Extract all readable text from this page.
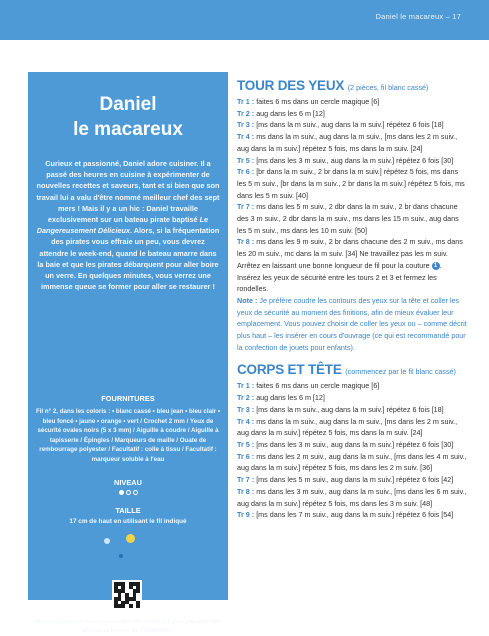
Daniel le macareux – 17
Daniel
le macareux
Curieux et passionné, Daniel adore cuisiner. Il a passé des heures en cuisine à expérimenter de nouvelles recettes et saveurs, tant et si bien que son travail lui a valu d'être nommé meilleur chef des sept mers ! Mais il y a un hic : Daniel travaille exclusivement sur un bateau pirate baptisé Le Dangereusement Délicieux. Alors, si la fréquentation des pirates vous effraie un peu, vous devrez attendre le week-end, quand le bateau amarre dans la baie et que les pirates débarquent pour aller boire un verre. En quelques minutes, vous verrez une immense queue se former pour aller se restaurer !
FOURNITURES
Fil n° 2, dans les coloris : • blanc cassé • bleu jean • bleu clair • bleu foncé • jaune • orange • vert / Crochet 2 mm / Yeux de sécurité ovales noirs (5 x 3 mm) / Aiguille à coudre / Aiguille à tapisserie / Épingles / Marqueurs de maille / Ouate de rembourrage polyester / Facultatif : colle à tissu / Facultatif : marqueur soluble à l'eau
NIVEAU
TAILLE
17 cm de haut en utilisant le fil indiqué
Scannez ou consultez www.amigurumi.com/5101 pour partager des photos et trouver de l'inspiration
TOUR DES YEUX (2 pièces, fil blanc cassé)

Tr 1 : faites 6 ms dans un cercle magique [6]

Tr 2 : aug dans les 6 m [12]

Tr 3 : [ms dans la m suiv., aug dans la m suiv.] répétez 6 fois [18]

Tr 4 : ms dans la m suiv., aug dans la m suiv., [ms dans les 2 m suiv., aug dans la m suiv.] répétez 5 fois, ms dans la m suiv. [24]

Tr 5 : [ms dans les 3 m suiv., aug dans la m suiv.] répétez 6 fois [30]

Tr 6 : [br dans la m suiv., 2 br dans la m suiv.] répétez 5 fois, ms dans les 5 m suiv., [br dans la m suiv., 2 br dans la m suiv.] répétez 5 fois, ms dans les 5 m suiv. [40]

Tr 7 : ms dans les 5 m suiv., 2 dbr dans la m suiv., 2 br dans chacune des 3 m suiv., 2 dbr dans la m suiv., ms dans les 15 m suiv., aug dans les 5 m suiv., ms dans les 10 m suiv. [50]

Tr 8 : ms dans les 9 m suiv., 2 br dans chacune des 2 m suiv., ms dans les 20 m suiv., mc dans la m suiv. [34] Ne travaillez pas les m suiv.

Arrêtez en laissant une bonne longueur de fil pour la couture 1 . Insérez les yeux de sécurité entre les tours 2 et 3 et fermez les rondelles.

Note : Je préfère coudre les contours des yeux sur la tête et coller les yeux de sécurité au moment des finitions, afin de mieux évaluer leur emplacement. Vous pouvez choisir de coller les yeux ou – comme décrit plus haut – les insérer en cours d'ouvrage (ce qui est recommandé pour la confection de jouets pour enfants).

CORPS ET TÊTE (commencez par le fil blanc cassé)

Tr 1 : faites 6 ms dans un cercle magique [6]

Tr 2 : aug dans les 6 m [12]

Tr 3 : [ms dans la m suiv., aug dans la m suiv.] répétez 6 fois [18]

Tr 4 : ms dans la m suiv., aug dans la m suiv., [ms dans les 2 m suiv., aug dans la m suiv.] répétez 5 fois, ms dans la m suiv. [24]

Tr 5 : [ms dans les 3 m suiv., aug dans la m suiv.] répétez 6 fois [30]

Tr 6 : ms dans les 2 m suiv., aug dans la m suiv., [ms dans les 4 m suiv., aug dans la m suiv.] répétez 5 fois, ms dans les 2 m suiv. [36]

Tr 7 : [ms dans les 5 m suiv., aug dans la m suiv.] répétez 6 fois [42]

Tr 8 : ms dans les 3 m suiv., aug dans la m suiv., [ms dans les 6 m suiv., aug dans la m suiv.] répétez 5 fois, ms dans les 3 m suiv. [48]

Tr 9 : [ms dans les 7 m suiv., aug dans la m suiv.] répétez 6 fois [54]
